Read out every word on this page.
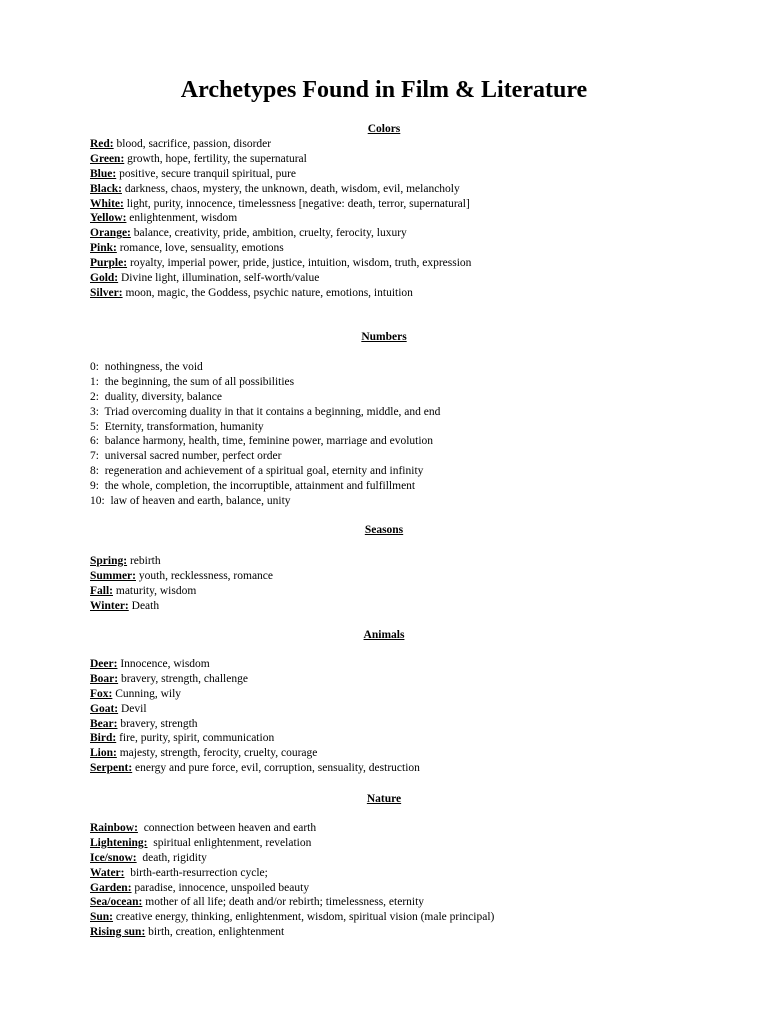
Archetypes Found in Film & Literature
Colors
Red: blood, sacrifice, passion, disorder
Green: growth, hope, fertility, the supernatural
Blue: positive, secure tranquil spiritual, pure
Black: darkness, chaos, mystery, the unknown, death, wisdom, evil, melancholy
White: light, purity, innocence, timelessness [negative: death, terror, supernatural]
Yellow: enlightenment, wisdom
Orange: balance, creativity, pride, ambition, cruelty, ferocity, luxury
Pink: romance, love, sensuality, emotions
Purple: royalty, imperial power, pride, justice, intuition, wisdom, truth, expression
Gold: Divine light, illumination, self-worth/value
Silver: moon, magic, the Goddess, psychic nature, emotions, intuition
Numbers
0:  nothingness, the void
1:  the beginning, the sum of all possibilities
2:  duality, diversity, balance
3:  Triad overcoming duality in that it contains a beginning, middle, and end
5:  Eternity, transformation, humanity
6:  balance harmony, health, time, feminine power, marriage and evolution
7:  universal sacred number, perfect order
8:  regeneration and achievement of a spiritual goal, eternity and infinity
9:  the whole, completion, the incorruptible, attainment and fulfillment
10:  law of heaven and earth, balance, unity
Seasons
Spring: rebirth
Summer: youth, recklessness, romance
Fall: maturity, wisdom
Winter: Death
Animals
Deer: Innocence, wisdom
Boar: bravery, strength, challenge
Fox: Cunning, wily
Goat: Devil
Bear: bravery, strength
Bird: fire, purity, spirit, communication
Lion: majesty, strength, ferocity, cruelty, courage
Serpent: energy and pure force, evil, corruption, sensuality, destruction
Nature
Rainbow:  connection between heaven and earth
Lightening:  spiritual enlightenment, revelation
Ice/snow:  death, rigidity
Water:  birth-earth-resurrection cycle;
Garden: paradise, innocence, unspoiled beauty
Sea/ocean: mother of all life; death and/or rebirth; timelessness, eternity
Sun: creative energy, thinking, enlightenment, wisdom, spiritual vision (male principal)
Rising sun: birth, creation, enlightenment
